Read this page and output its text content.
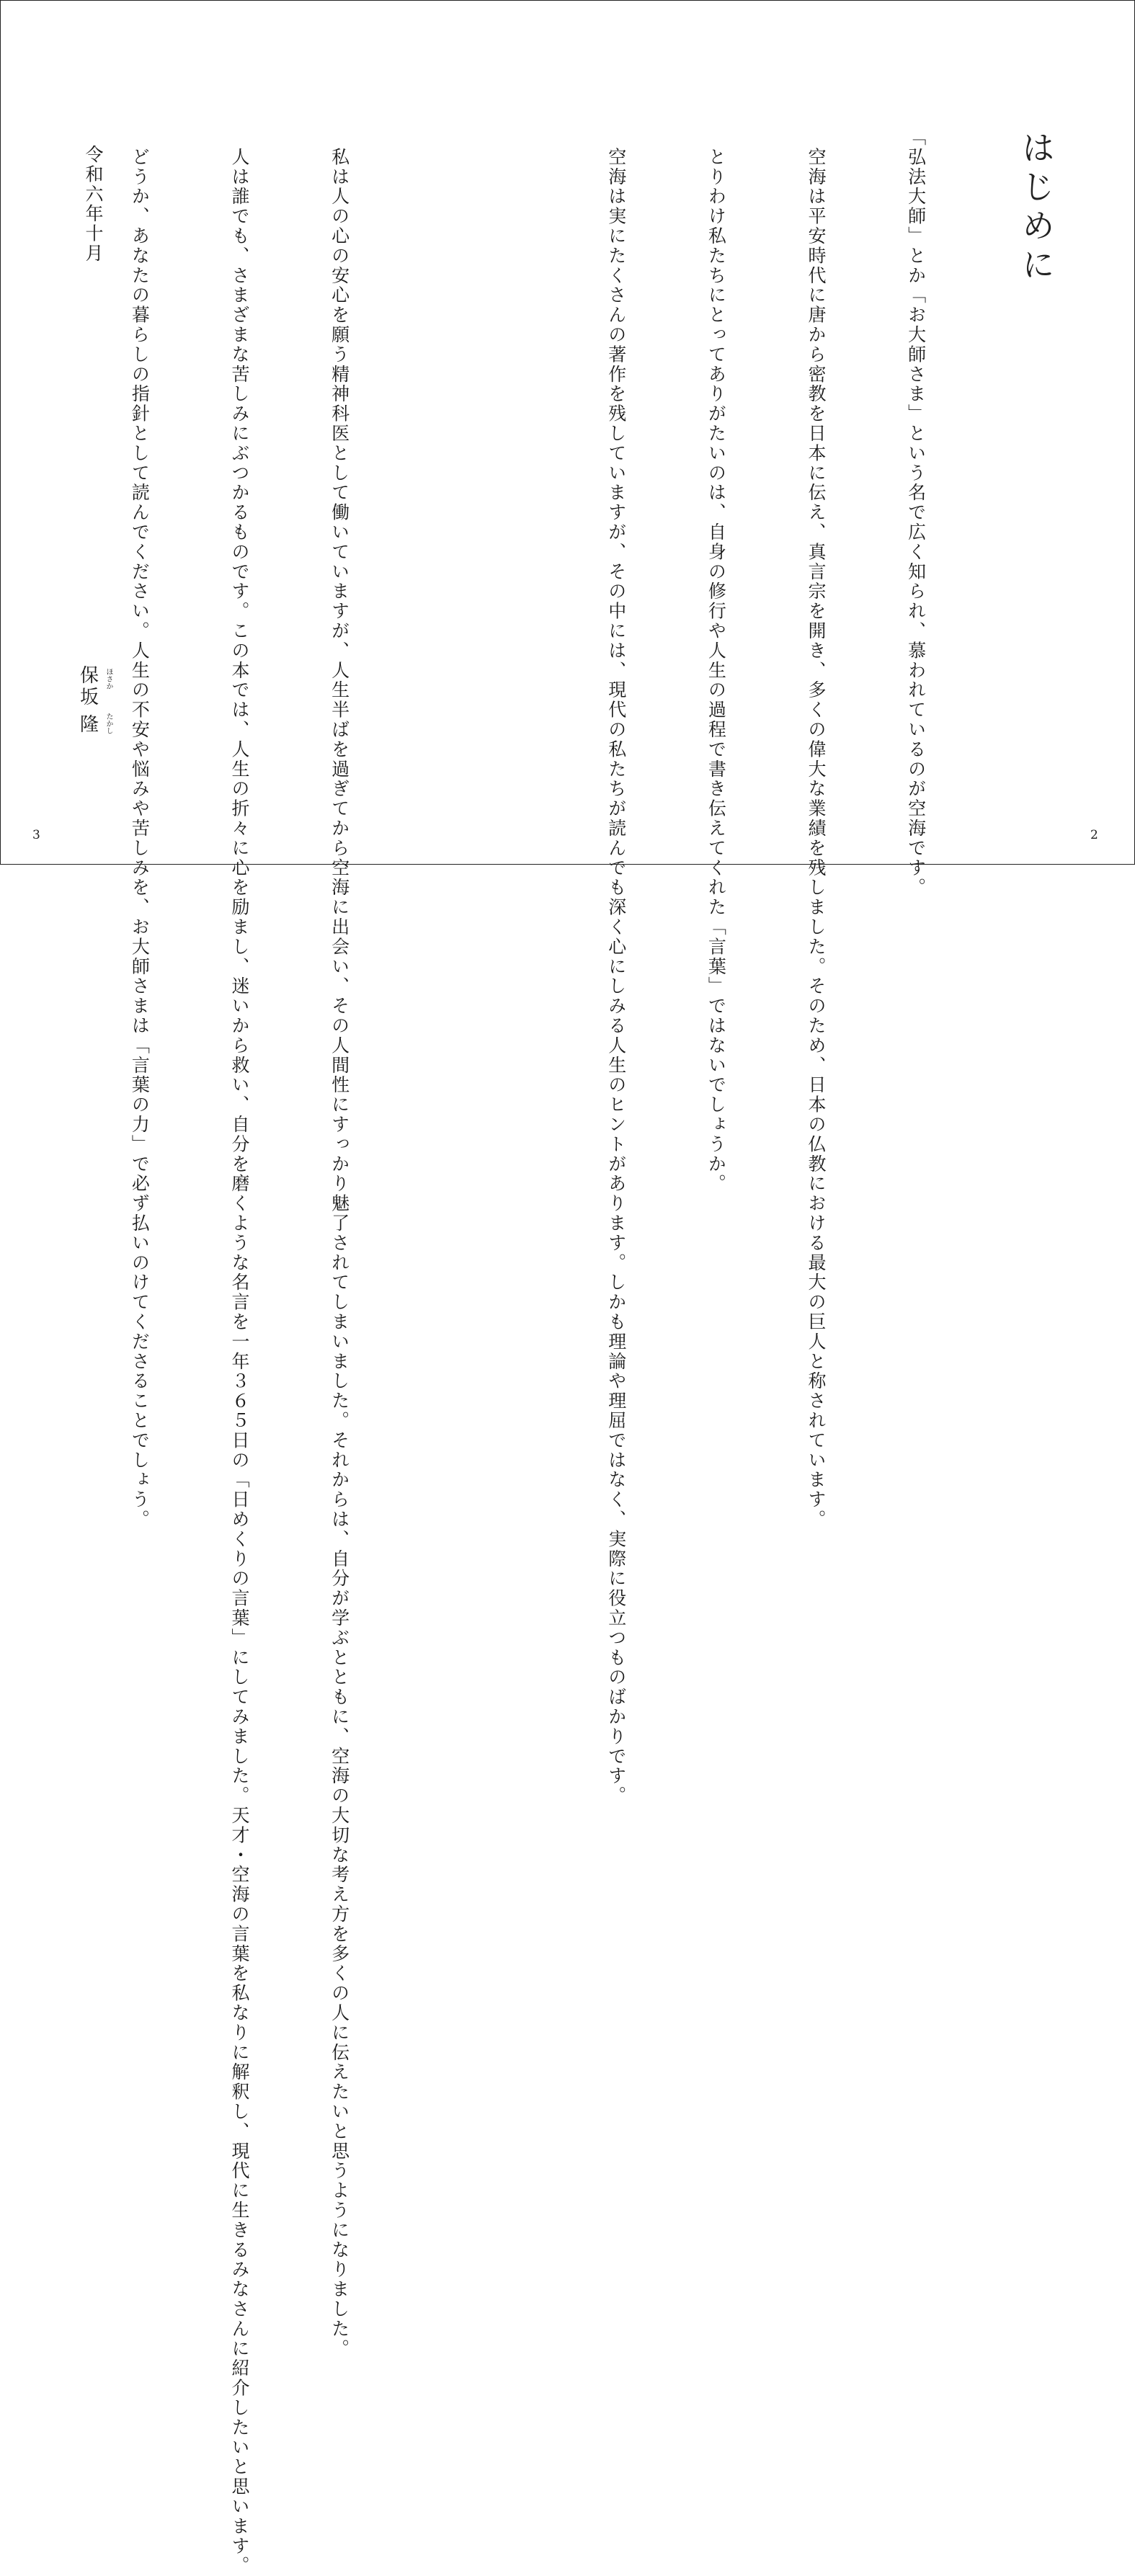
はじめに

「弘法大師」とか「お大師さま」という名で広く知られ、慕われているのが空海です。

　空海は平安時代に唐から密教を日本に伝え、真言宗を開き、多くの偉大な業績を残しました。そのため、日本の仏教における最大の巨人と称されています。

　とりわけ私たちにとってありがたいのは、自身の修行や人生の過程で書き伝えてくれた「言葉」ではないでしょうか。

　空海は実にたくさんの著作を残していますが、その中には、現代の私たちが読んでも深く心にしみる人生のヒントがあります。しかも理論や理屈ではなく、実際に役立つものばかりです。

　私は人の心の安心を願う精神科医として働いていますが、人生半ばを過ぎてから空海に出会い、その人間性にすっかり魅了されてしまいました。それからは、自分が学ぶとともに、空海の大切な考え方を多くの人に伝えたいと思うようになりました。

　人は誰でも、さまざまな苦しみにぶつかるものです。この本では、人生の折々に心を励まし、迷いから救い、自分を磨くような名言を一年３６５日の「日めくりの言葉」にしてみました。天才・空海の言葉を私なりに解釈し、現代に生きるみなさんに紹介したいと思います。

　どうか、あなたの暮らしの指針として読んでください。人生の不安や悩みや苦しみを、お大師さまは「言葉の力」で必ず払いのけてくださることでしょう。

令和六年十月
保
坂
ほさか
隆 たかし
3	2
